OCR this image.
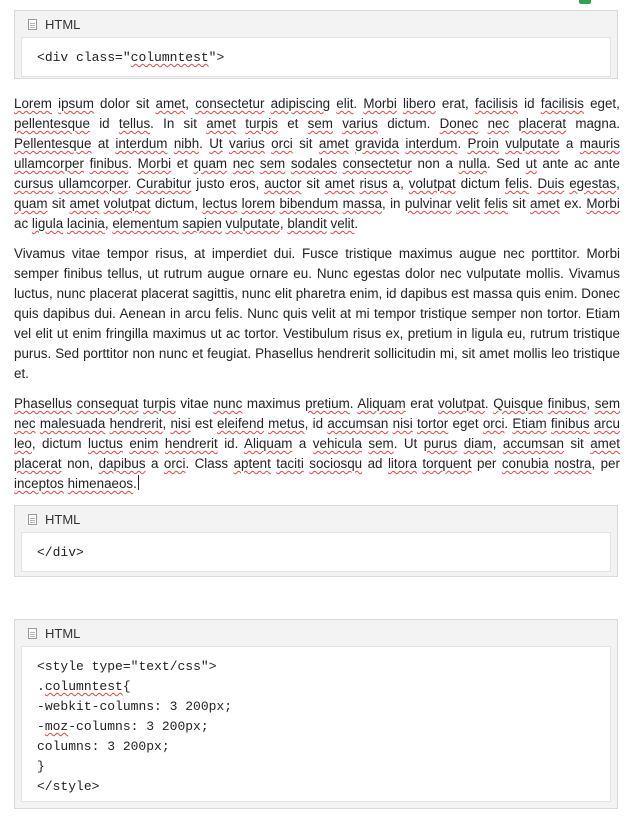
HTML
<div class="columntest">

Lorem ipsum dolor sit amet, consectetur adipiscing elit. Morbi libero erat, facilisis id facilisis eget, pellentesque id tellus. In sit amet turpis et sem varius dictum. Donec nec placerat magna. Pellentesque at interdum nibh. Ut varius orci sit amet gravida interdum. Proin vulputate a mauris ullamcorper finibus. Morbi et quam nec sem sodales consectetur non a nulla. Sed ut ante ac ante cursus ullamcorper. Curabitur justo eros, auctor sit amet risus a, volutpat dictum felis. Duis egestas, quam sit amet volutpat dictum, lectus lorem bibendum massa, in pulvinar velit felis sit amet ex. Morbi ac ligula lacinia, elementum sapien vulputate, blandit velit.

Vivamus vitae tempor risus, at imperdiet dui. Fusce tristique maximus augue nec porttitor. Morbi semper finibus tellus, ut rutrum augue ornare eu. Nunc egestas dolor nec vulputate mollis. Vivamus luctus, nunc placerat placerat sagittis, nunc elit pharetra enim, id dapibus est massa quis enim. Donec quis dapibus dui. Aenean in arcu felis. Nunc quis velit at mi tempor tristique semper non tortor. Etiam vel elit ut enim fringilla maximus ut ac tortor. Vestibulum risus ex, pretium in ligula eu, rutrum tristique purus. Sed porttitor non nunc et feugiat. Phasellus hendrerit sollicitudin mi, sit amet mollis leo tristique et.

Phasellus consequat turpis vitae nunc maximus pretium. Aliquam erat volutpat. Quisque finibus, sem nec malesuada hendrerit, nisi est eleifend metus, id accumsan nisi tortor eget orci. Etiam finibus arcu leo, dictum luctus enim hendrerit id. Aliquam a vehicula sem. Ut purus diam, accumsan sit amet placerat non, dapibus a orci. Class aptent taciti sociosqu ad litora torquent per conubia nostra, per inceptos himenaeos.

HTML
</div>
HTML
<style type="text/css">
.columntest{
-webkit-columns: 3 200px;
-moz-columns: 3 200px;
columns: 3 200px;
}
</style>
